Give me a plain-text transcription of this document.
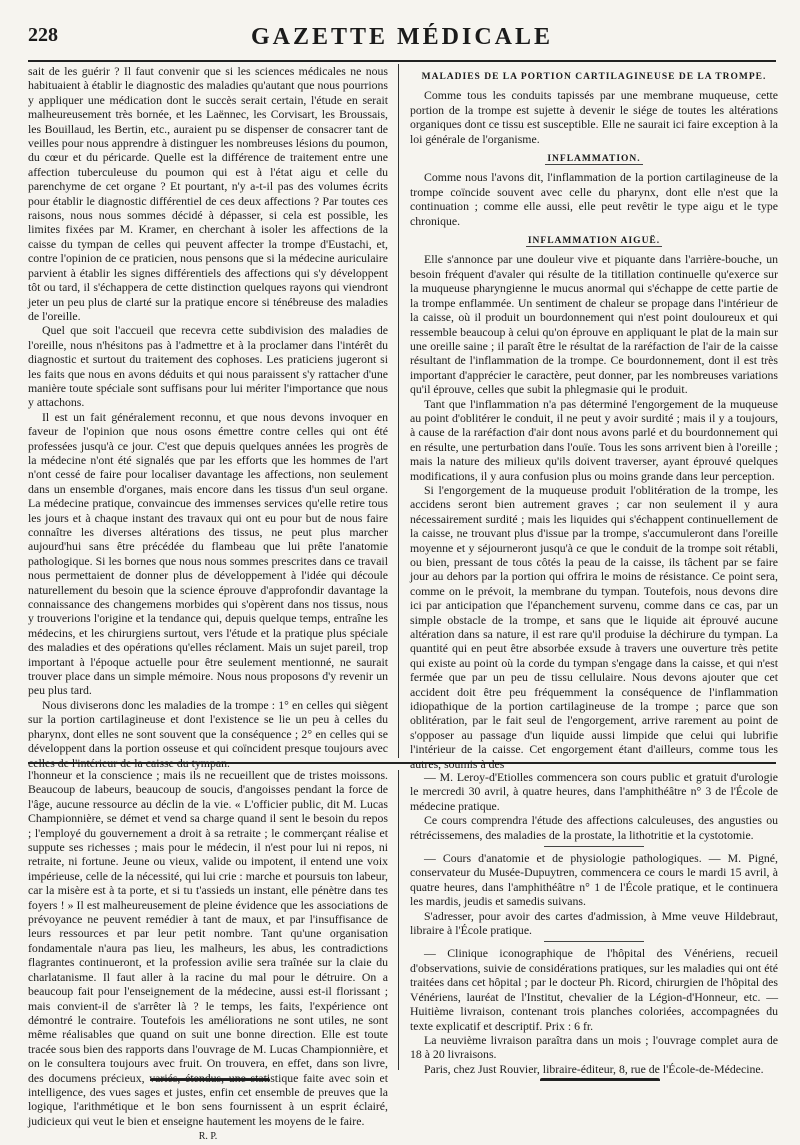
228	GAZETTE MÉDICALE

sait de les guérir ? Il faut convenir que si les sciences médicales ne nous habituaient à établir le diagnostic des maladies qu'autant que nous pourrions y appliquer une médication dont le succès serait certain, l'étude en serait malheureusement très bornée, et les Laënnec, les Corvisart, les Broussais, les Bouillaud, les Bertin, etc., auraient pu se dispenser de consacrer tant de veilles pour nous apprendre à distinguer les nombreuses lésions du poumon, du cœur et du péricarde. Quelle est la différence de traitement entre une affection tuberculeuse du poumon qui est à l'état aigu et celle du parenchyme de cet organe ? Et pourtant, n'y a-t-il pas des volumes écrits pour établir le diagnostic différentiel de ces deux affections ? Par toutes ces raisons, nous nous sommes décidé à dépasser, si cela est possible, les limites fixées par M. Kramer, en cherchant à isoler les affections de la caisse du tympan de celles qui peuvent affecter la trompe d'Eustachi, et, contre l'opinion de ce praticien, nous pensons que si la médecine auriculaire parvient à établir les signes différentiels des affections qui s'y développent tôt ou tard, il s'échappera de cette distinction quelques rayons qui viendront jeter un peu plus de clarté sur la pratique encore si ténébreuse des maladies de l'oreille.

Quel que soit l'accueil que recevra cette subdivision des maladies de l'oreille, nous n'hésitons pas à l'admettre et à la proclamer dans l'intérêt du diagnostic et surtout du traitement des cophoses. Les praticiens jugeront si les faits que nous en avons déduits et qui nous paraissent s'y rattacher d'une manière toute spéciale sont suffisans pour lui mériter l'importance que nous y attachons.

Il est un fait généralement reconnu, et que nous devons invoquer en faveur de l'opinion que nous osons émettre contre celles qui ont été professées jusqu'à ce jour. C'est que depuis quelques années les progrès de la médecine n'ont été signalés que par les efforts que les hommes de l'art n'ont cessé de faire pour localiser davantage les affections, non seulement dans un ensemble d'organes, mais encore dans les tissus d'un seul organe. La médecine pratique, convaincue des immenses services qu'elle retire tous les jours et à chaque instant des travaux qui ont eu pour but de nous faire connaître les diverses altérations des tissus, ne peut plus marcher aujourd'hui sans être précédée du flambeau que lui prête l'anatomie pathologique. Si les bornes que nous nous sommes prescrites dans ce travail nous permettaient de donner plus de développement à l'idée qui découle naturellement du besoin que la science éprouve d'approfondir davantage la connaissance des changemens morbides qui s'opèrent dans nos tissus, nous y trouverions l'origine et la tendance qui, depuis quelque temps, entraîne les médecins, et les chirurgiens surtout, vers l'étude et la pratique plus spéciale des maladies et des opérations qu'elles réclament. Mais un sujet pareil, trop important à l'époque actuelle pour être seulement mentionné, ne saurait trouver place dans un simple mémoire. Nous nous proposons d'y revenir un peu plus tard.

Nous diviserons donc les maladies de la trompe : 1° en celles qui siègent sur la portion cartilagineuse et dont l'existence se lie un peu à celles du pharynx, dont elles ne sont souvent que la conséquence ; 2° en celles qui se développent dans la portion osseuse et qui coïncident presque toujours avec celles de l'intérieur de la caisse du tympan.

MALADIES DE LA PORTION CARTILAGINEUSE DE LA TROMPE.

Comme tous les conduits tapissés par une membrane muqueuse, cette portion de la trompe est sujette à devenir le siége de toutes les altérations organiques dont ce tissu est susceptible. Elle ne saurait ici faire exception à la loi générale de l'organisme.

INFLAMMATION.

Comme nous l'avons dit, l'inflammation de la portion cartilagineuse de la trompe coïncide souvent avec celle du pharynx, dont elle n'est que la continuation ; comme elle aussi, elle peut revêtir le type aigu et le type chronique.

INFLAMMATION AIGUË.

Elle s'annonce par une douleur vive et piquante dans l'arrière-bouche, un besoin fréquent d'avaler qui résulte de la titillation continuelle qu'exerce sur la muqueuse pharyngienne le mucus anormal qui s'échappe de cette partie de la trompe enflammée. Un sentiment de chaleur se propage dans l'intérieur de la caisse, où il produit un bourdonnement qui n'est point douloureux et qui ressemble beaucoup à celui qu'on éprouve en appliquant le plat de la main sur une oreille saine ; il paraît être le résultat de la raréfaction de l'air de la caisse résultant de l'inflammation de la trompe. Ce bourdonnement, dont il est très important d'apprécier le caractère, peut donner, par les nombreuses variations qu'il éprouve, celles que subit la phlegmasie qui le produit.

Tant que l'inflammation n'a pas déterminé l'engorgement de la muqueuse au point d'oblitérer le conduit, il ne peut y avoir surdité ; mais il y a toujours, à cause de la raréfaction d'air dont nous avons parlé et du bourdonnement qui en résulte, une perturbation dans l'ouïe. Tous les sons arrivent bien à l'oreille ; mais la nature des milieux qu'ils doivent traverser, ayant éprouvé quelques modifications, il y aura confusion plus ou moins grande dans leur perception.

Si l'engorgement de la muqueuse produit l'oblitération de la trompe, les accidens seront bien autrement graves ; car non seulement il y aura nécessairement surdité ; mais les liquides qui s'échappent continuellement de la caisse, ne trouvant plus d'issue par la trompe, s'accumuleront dans l'oreille moyenne et y séjourneront jusqu'à ce que le conduit de la trompe soit rétabli, ou bien, pressant de tous côtés la peau de la caisse, ils tâchent par se faire jour au dehors par la portion qui offrira le moins de résistance. Ce point sera, comme on le prévoit, la membrane du tympan. Toutefois, nous devons dire ici par anticipation que l'épanchement survenu, comme dans ce cas, par un simple obstacle de la trompe, et sans que le liquide ait éprouvé aucune altération dans sa nature, il est rare qu'il produise la déchirure du tympan. La quantité qui en peut être absorbée exsude à travers une ouverture très petite qui existe au point où la corde du tympan s'engage dans la caisse, et qui n'est fermée que par un peu de tissu cellulaire. Nous devons ajouter que cet accident doit être peu fréquemment la conséquence de l'inflammation idiopathique de la portion cartilagineuse de la trompe ; parce que son oblitération, par le fait seul de l'engorgement, arrive rarement au point de s'opposer au passage d'un liquide aussi limpide que celui qui lubrifie l'intérieur de la caisse. Cet engorgement étant d'ailleurs, comme tous les autres, soumis à des

l'honneur et la conscience ; mais ils ne recueillent que de tristes moissons. Beaucoup de labeurs, beaucoup de soucis, d'angoisses pendant la force de l'âge, aucune ressource au déclin de la vie. « L'officier public, dit M. Lucas Championnière, se démet et vend sa charge quand il sent le besoin du repos ; l'employé du gouvernement a droit à sa retraite ; le commerçant réalise et suppute ses richesses ; mais pour le médecin, il n'est pour lui ni repos, ni retraite, ni fortune. Jeune ou vieux, valide ou impotent, il entend une voix impérieuse, celle de la nécessité, qui lui crie : marche et poursuis ton labeur, car la misère est à ta porte, et si tu t'assieds un instant, elle pénètre dans tes foyers ! » Il est malheureusement de pleine évidence que les associations de prévoyance ne peuvent remédier à tant de maux, et par l'insuffisance de leurs ressources et par leur petit nombre. Tant qu'une organisation fondamentale n'aura pas lieu, les malheurs, les abus, les contradictions flagrantes continueront, et la profession avilie sera traînée sur la claie du charlatanisme. Il faut aller à la racine du mal pour le détruire. On a beaucoup fait pour l'enseignement de la médecine, aussi est-il florissant ; mais convient-il de s'arrêter là ? le temps, les faits, l'expérience ont démontré le contraire. Toutefois les améliorations ne sont utiles, ne sont même réalisables que quand on suit une bonne direction. Elle est toute tracée sous bien des rapports dans l'ouvrage de M. Lucas Championnière, et on le consultera toujours avec fruit. On trouvera, en effet, dans son livre, des documens précieux, variés, étendus, une statistique faite avec soin et intelligence, des vues sages et justes, enfin cet ensemble de preuves que la logique, l'arithmétique et le bon sens fournissent à un esprit éclairé, judicieux qui veut le bien et enseigne hautement les moyens de le faire.

R. P.

— M. Leroy-d'Etiolles commencera son cours public et gratuit d'urologie le mercredi 30 avril, à quatre heures, dans l'amphithéâtre n° 3 de l'École de médecine pratique.

Ce cours comprendra l'étude des affections calculeuses, des angusties ou rétrécissemens, des maladies de la prostate, la lithotritie et la cystotomie.

— Cours d'anatomie et de physiologie pathologiques. — M. Pigné, conservateur du Musée-Dupuytren, commencera ce cours le mardi 15 avril, à quatre heures, dans l'amphithéâtre n° 1 de l'École pratique, et le continuera les mardis, jeudis et samedis suivans.

S'adresser, pour avoir des cartes d'admission, à Mme veuve Hildebraut, libraire à l'École pratique.

— Clinique iconographique de l'hôpital des Vénériens, recueil d'observations, suivie de considérations pratiques, sur les maladies qui ont été traitées dans cet hôpital ; par le docteur Ph. Ricord, chirurgien de l'hôpital des Vénériens, lauréat de l'Institut, chevalier de la Légion-d'Honneur, etc. — Huitième livraison, contenant trois planches coloriées, accompagnées du texte explicatif et descriptif. Prix : 6 fr.

La neuvième livraison paraîtra dans un mois ; l'ouvrage complet aura de 18 à 20 livraisons.

Paris, chez Just Rouvier, libraire-éditeur, 8, rue de l'École-de-Médecine.
